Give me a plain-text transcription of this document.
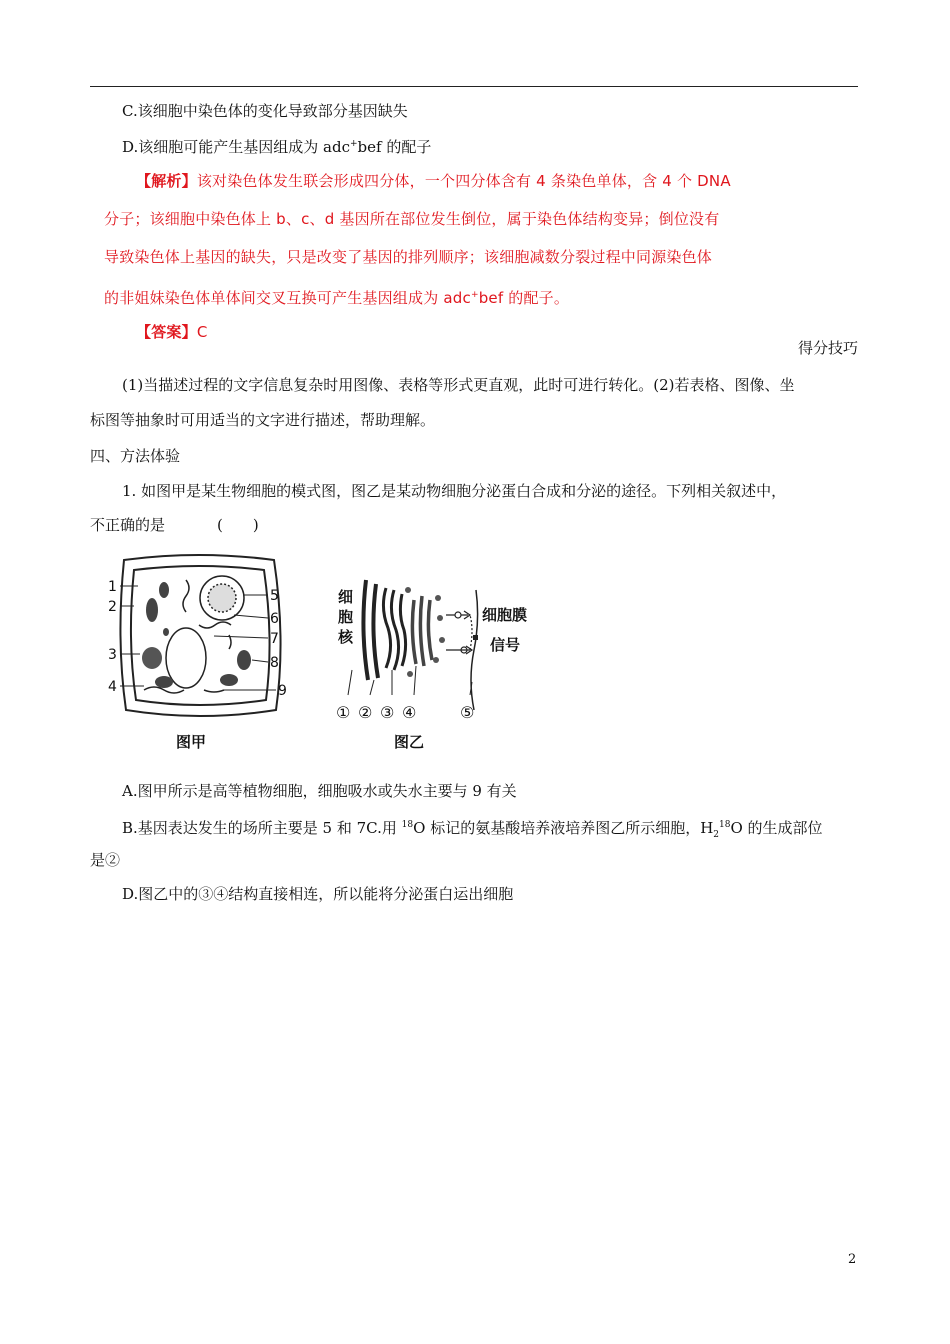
C.该细胞中染色体的变化导致部分基因缺失
D.该细胞可能产生基因组成为 adc+bef 的配子
【解析】该对染色体发生联会形成四分体，一个四分体含有 4 条染色单体，含 4 个 DNA
分子；该细胞中染色体上 b、c、d 基因所在部位发生倒位，属于染色体结构变异；倒位没有
导致染色体上基因的缺失，只是改变了基因的排列顺序；该细胞减数分裂过程中同源染色体
的非姐妹染色体单体间交叉互换可产生基因组成为 adc+bef 的配子。
【答案】C
得分技巧
(1)当描述过程的文字信息复杂时用图像、表格等形式更直观，此时可进行转化。(2)若表格、图像、坐
标图等抽象时可用适当的文字进行描述，帮助理解。
四、方法体验
1. 如图甲是某生物细胞的模式图，图乙是某动物细胞分泌蛋白合成和分泌的途径。下列相关叙述中，
不正确的是	(　　)
1
2
3
4
5
6
7
8
9
图甲
细
胞
核
细胞膜
信号
① ② ③ ④	⑤
图乙
A.图甲所示是高等植物细胞，细胞吸水或失水主要与 9 有关
B.基因表达发生的场所主要是 5 和 7C.用 $^{18}$O 标记的氨基酸培养液培养图乙所示细胞，$H_2^{18}O$ 的生成部位
是②
D.图乙中的③④结构直接相连，所以能将分泌蛋白运出细胞
2
